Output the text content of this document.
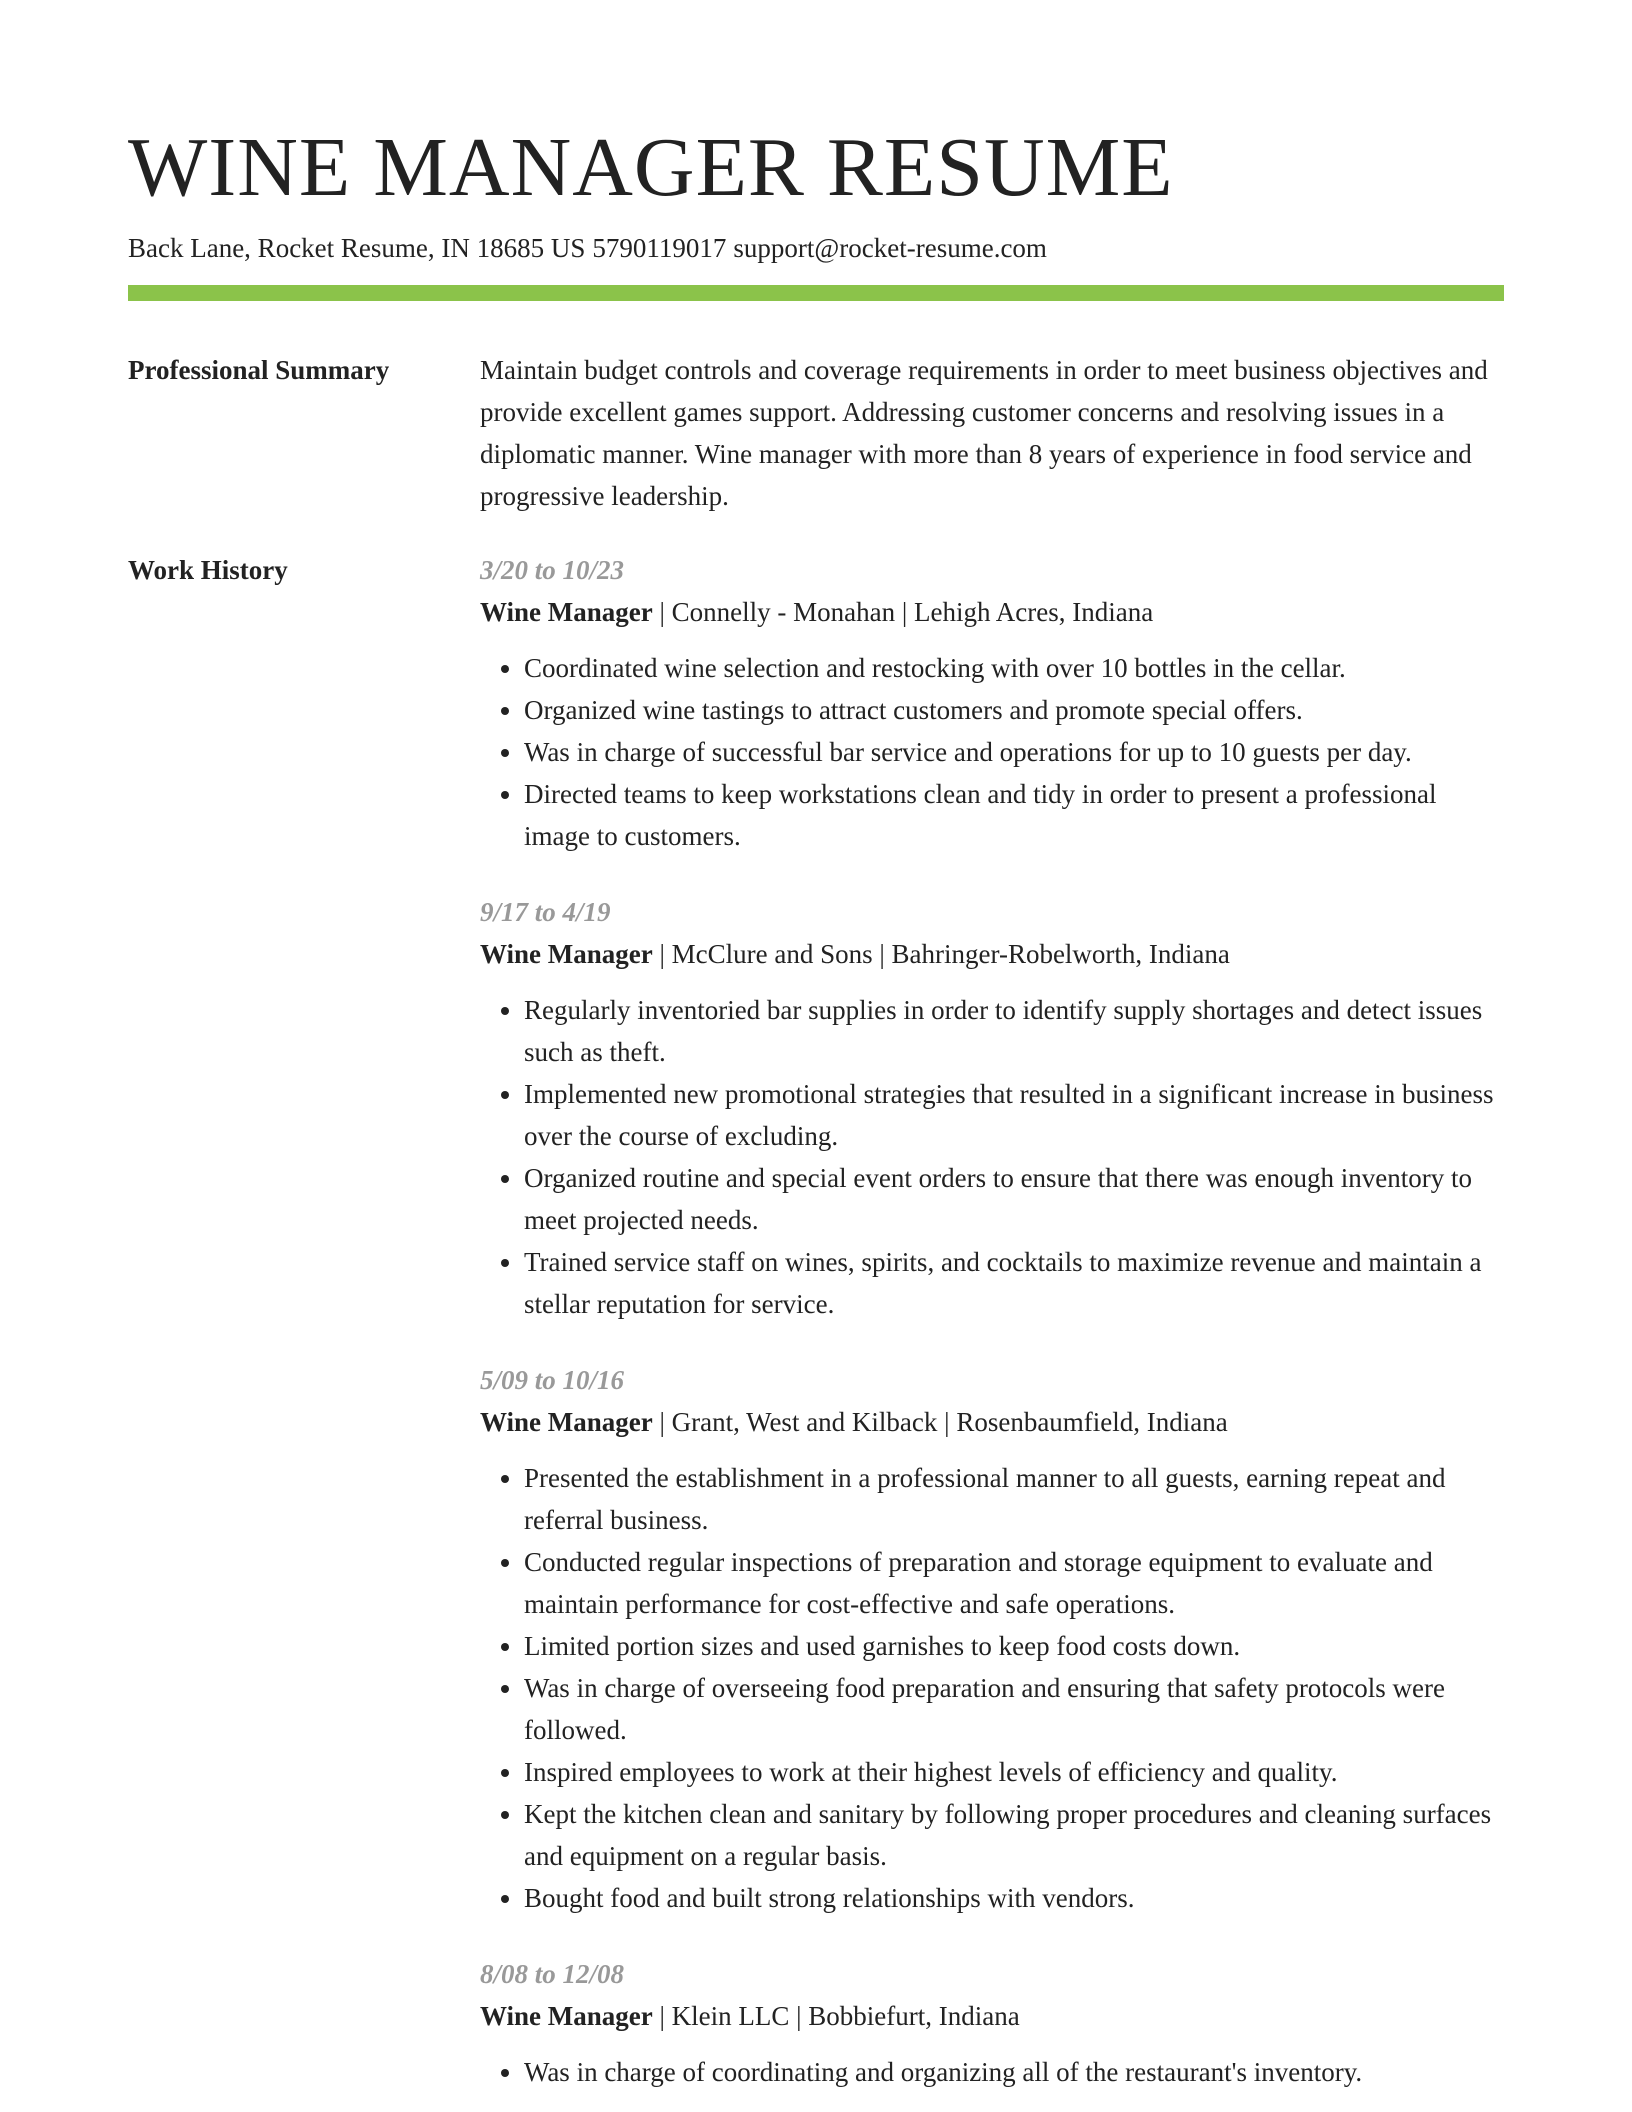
WINE MANAGER RESUME
Back Lane, Rocket Resume, IN 18685 US 5790119017 support@rocket-resume.com
Professional Summary	Maintain budget controls and coverage requirements in order to meet business objectives and provide excellent games support. Addressing customer concerns and resolving issues in a diplomatic manner. Wine manager with more than 8 years of experience in food service and progressive leadership.

Work History	3/20 to 10/23
Wine Manager | Connelly - Monahan | Lehigh Acres, Indiana
• Coordinated wine selection and restocking with over 10 bottles in the cellar.
• Organized wine tastings to attract customers and promote special offers.
• Was in charge of successful bar service and operations for up to 10 guests per day.
• Directed teams to keep workstations clean and tidy in order to present a professional image to customers.
9/17 to 4/19
Wine Manager | McClure and Sons | Bahringer-Robelworth, Indiana
• Regularly inventoried bar supplies in order to identify supply shortages and detect issues such as theft.
• Implemented new promotional strategies that resulted in a significant increase in business over the course of excluding.
• Organized routine and special event orders to ensure that there was enough inventory to meet projected needs.
• Trained service staff on wines, spirits, and cocktails to maximize revenue and maintain a stellar reputation for service.
5/09 to 10/16
Wine Manager | Grant, West and Kilback | Rosenbaumfield, Indiana
• Presented the establishment in a professional manner to all guests, earning repeat and referral business.
• Conducted regular inspections of preparation and storage equipment to evaluate and maintain performance for cost-effective and safe operations.
• Limited portion sizes and used garnishes to keep food costs down.
• Was in charge of overseeing food preparation and ensuring that safety protocols were followed.
• Inspired employees to work at their highest levels of efficiency and quality.
• Kept the kitchen clean and sanitary by following proper procedures and cleaning surfaces and equipment on a regular basis.
• Bought food and built strong relationships with vendors.
8/08 to 12/08
Wine Manager | Klein LLC | Bobbiefurt, Indiana
• Was in charge of coordinating and organizing all of the restaurant's inventory.
